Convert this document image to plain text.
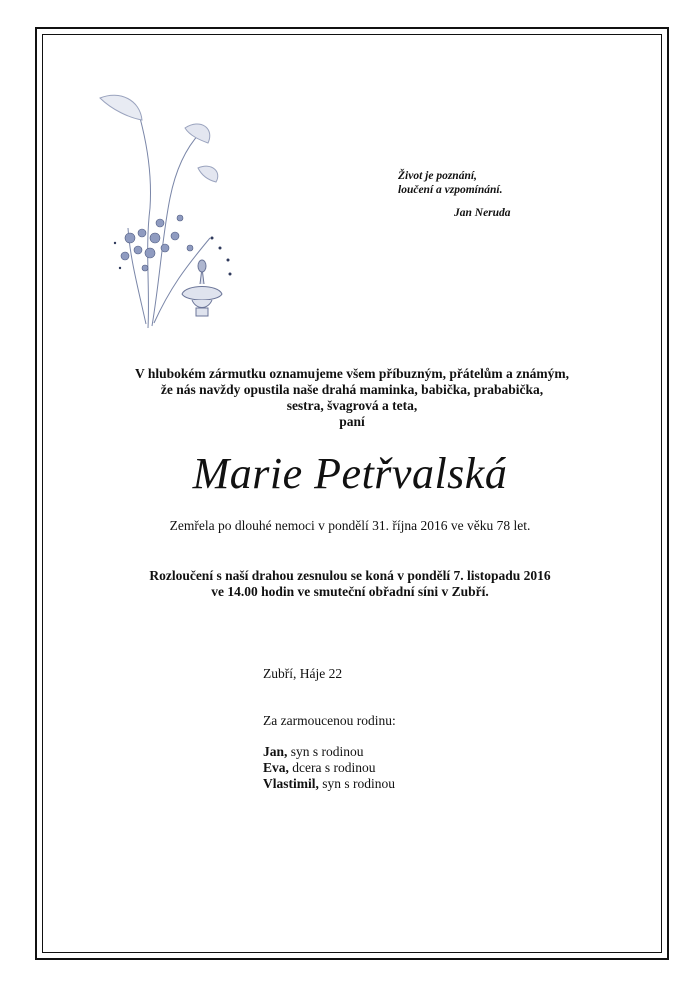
Život je poznání,
loučení a vzpomínání.
Jan Neruda
V hlubokém zármutku oznamujeme všem příbuzným, přátelům a známým,
že nás navždy opustila naše drahá maminka, babička, prababička,
sestra, švagrová a teta,
paní
Marie Petřvalská
Zemřela po dlouhé nemoci v pondělí 31. října 2016 ve věku 78 let.
Rozloučení s naší drahou zesnulou se koná v pondělí 7. listopadu 2016
ve 14.00 hodin ve smuteční obřadní síni v Zubří.
Zubří, Háje 22
Za zarmoucenou rodinu:
Jan, syn s rodinou
Eva, dcera s rodinou
Vlastimil, syn s rodinou
